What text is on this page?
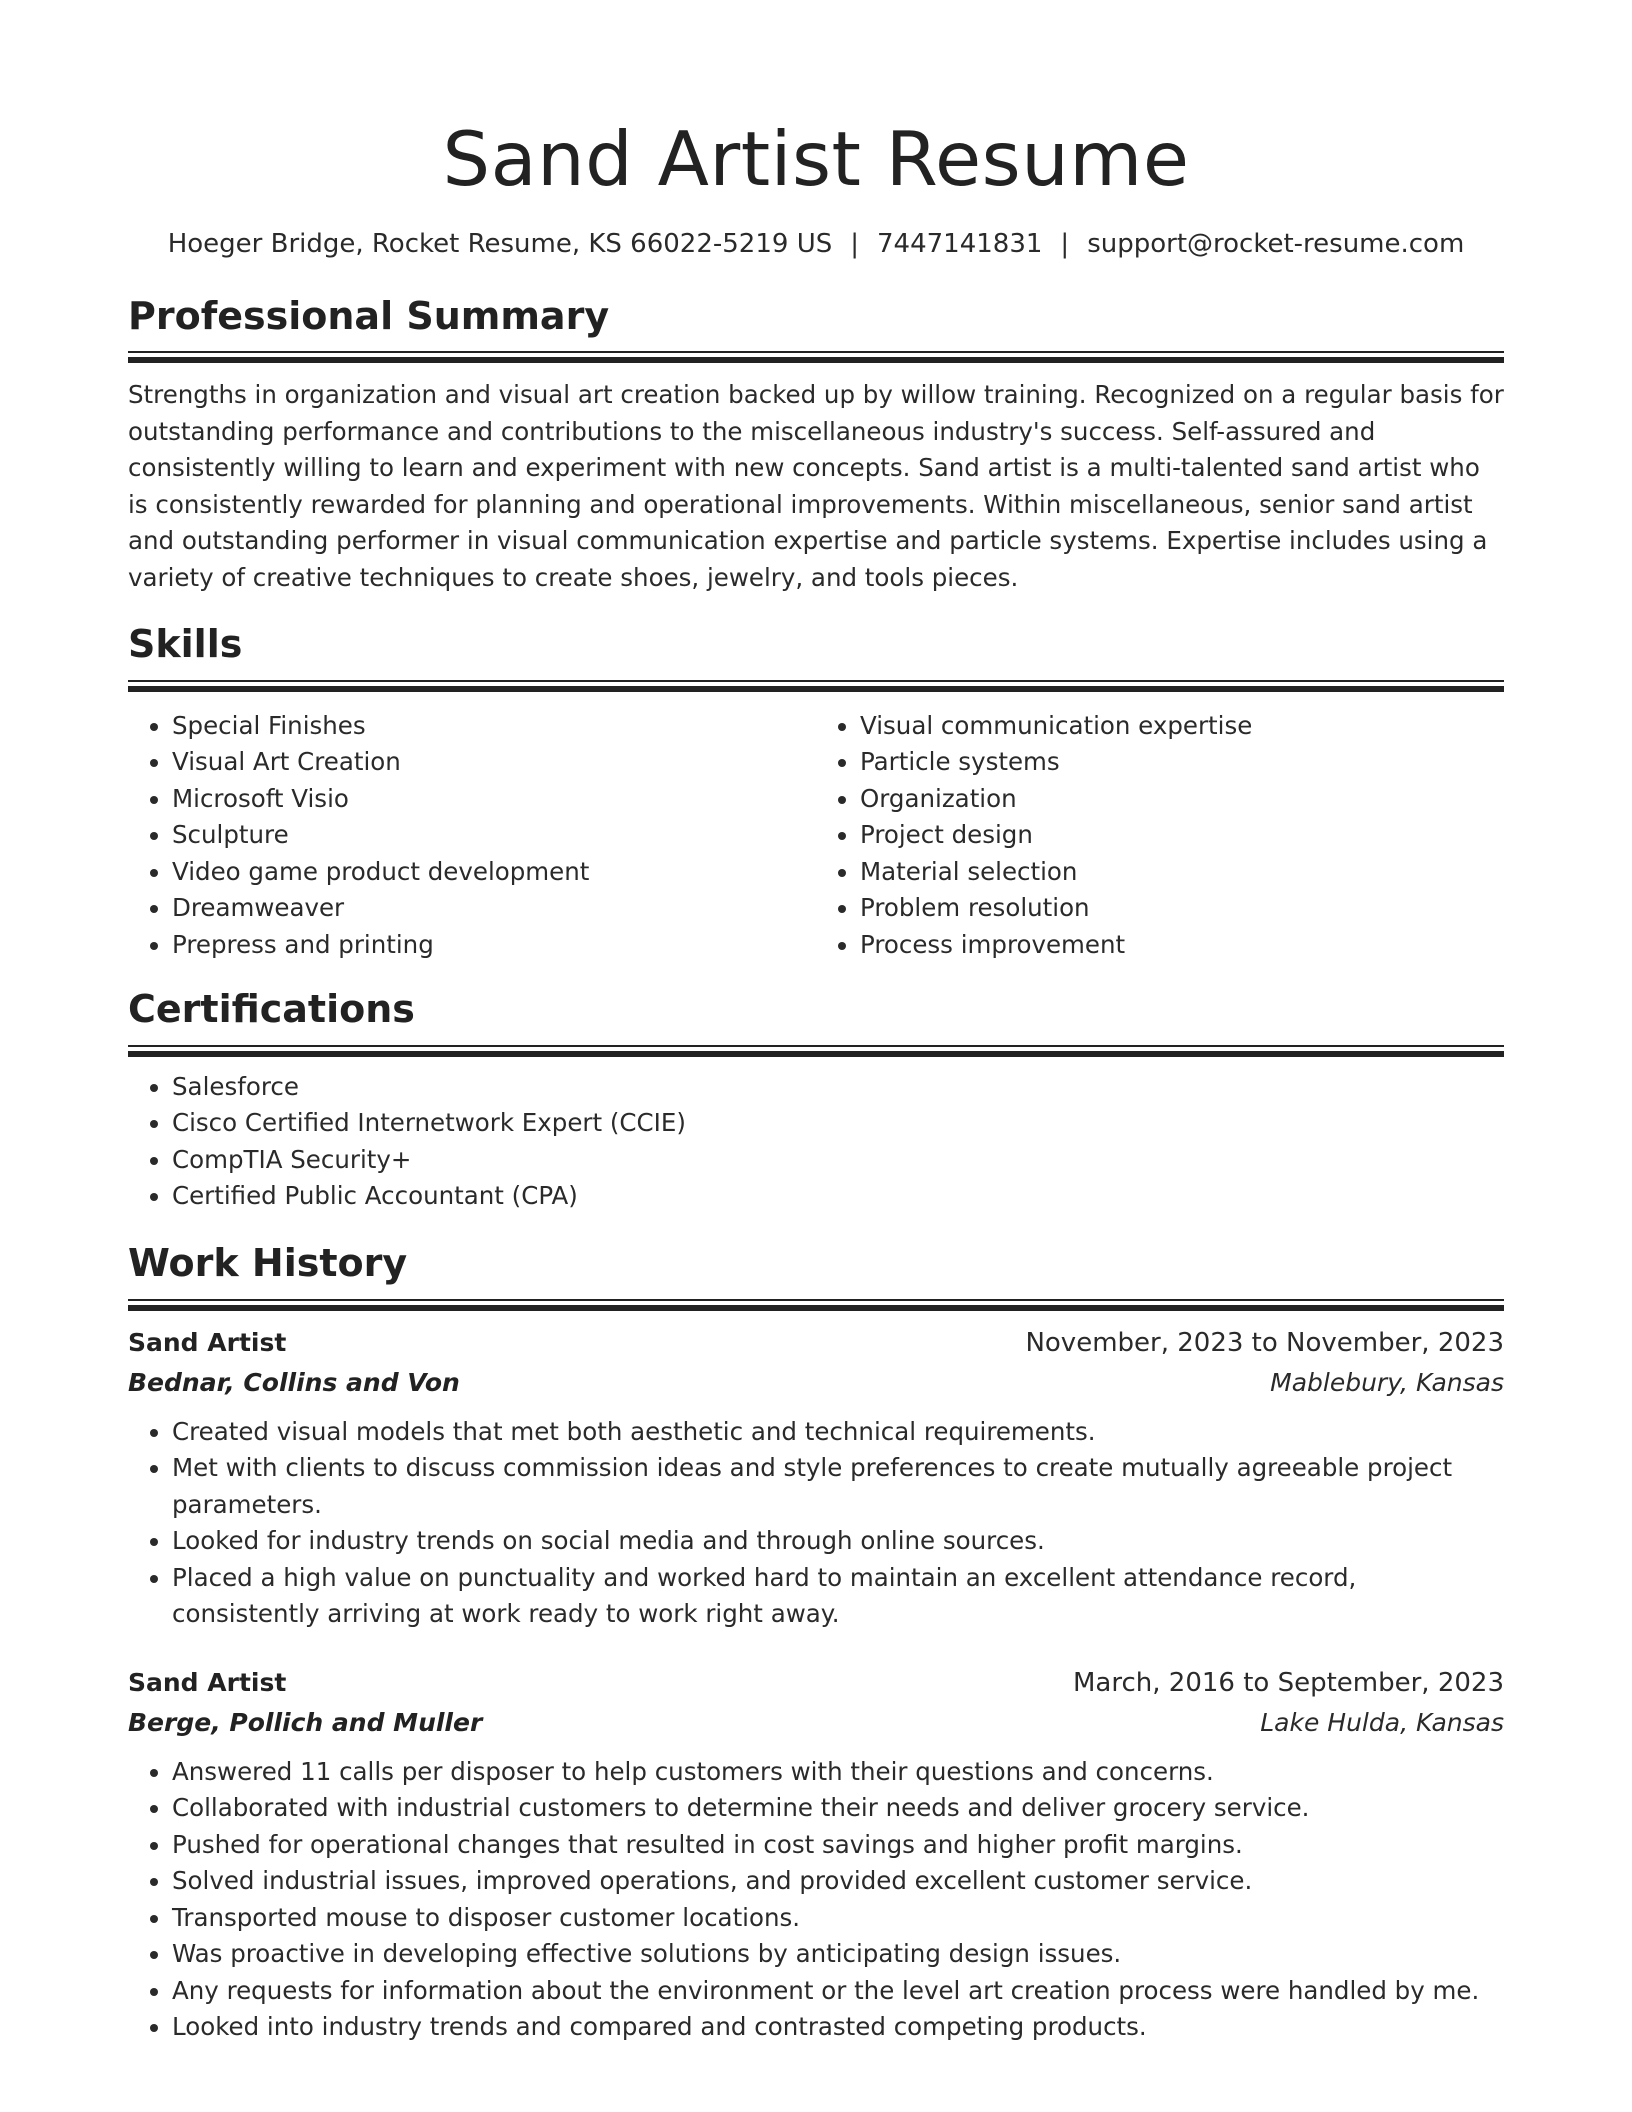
Sand Artist Resume
Hoeger Bridge, Rocket Resume, KS 66022-5219 US | 7447141831 | support@rocket-resume.com
Professional Summary

Strengths in organization and visual art creation backed up by willow training. Recognized on a regular basis for outstanding performance and contributions to the miscellaneous industry's success. Self-assured and consistently willing to learn and experiment with new concepts. Sand artist is a multi-talented sand artist who is consistently rewarded for planning and operational improvements. Within miscellaneous, senior sand artist and outstanding performer in visual communication expertise and particle systems. Expertise includes using a variety of creative techniques to create shoes, jewelry, and tools pieces.

Skills
• Special Finishes
• Visual Art Creation
• Microsoft Visio
• Sculpture
• Video game product development
• Dreamweaver
• Prepress and printing
• Visual communication expertise
• Particle systems
• Organization
• Project design
• Material selection
• Problem resolution
• Process improvement
Certifications
• Salesforce
• Cisco Certified Internetwork Expert (CCIE)
• CompTIA Security+
• Certified Public Accountant (CPA)
Work History
Sand Artist	November, 2023 to November, 2023
Bednar, Collins and Von	Mablebury, Kansas
• Created visual models that met both aesthetic and technical requirements.
• Met with clients to discuss commission ideas and style preferences to create mutually agreeable project parameters.
• Looked for industry trends on social media and through online sources.
• Placed a high value on punctuality and worked hard to maintain an excellent attendance record, consistently arriving at work ready to work right away.
Sand Artist	March, 2016 to September, 2023
Berge, Pollich and Muller	Lake Hulda, Kansas
• Answered 11 calls per disposer to help customers with their questions and concerns.
• Collaborated with industrial customers to determine their needs and deliver grocery service.
• Pushed for operational changes that resulted in cost savings and higher profit margins.
• Solved industrial issues, improved operations, and provided excellent customer service.
• Transported mouse to disposer customer locations.
• Was proactive in developing effective solutions by anticipating design issues.
• Any requests for information about the environment or the level art creation process were handled by me.
• Looked into industry trends and compared and contrasted competing products.
